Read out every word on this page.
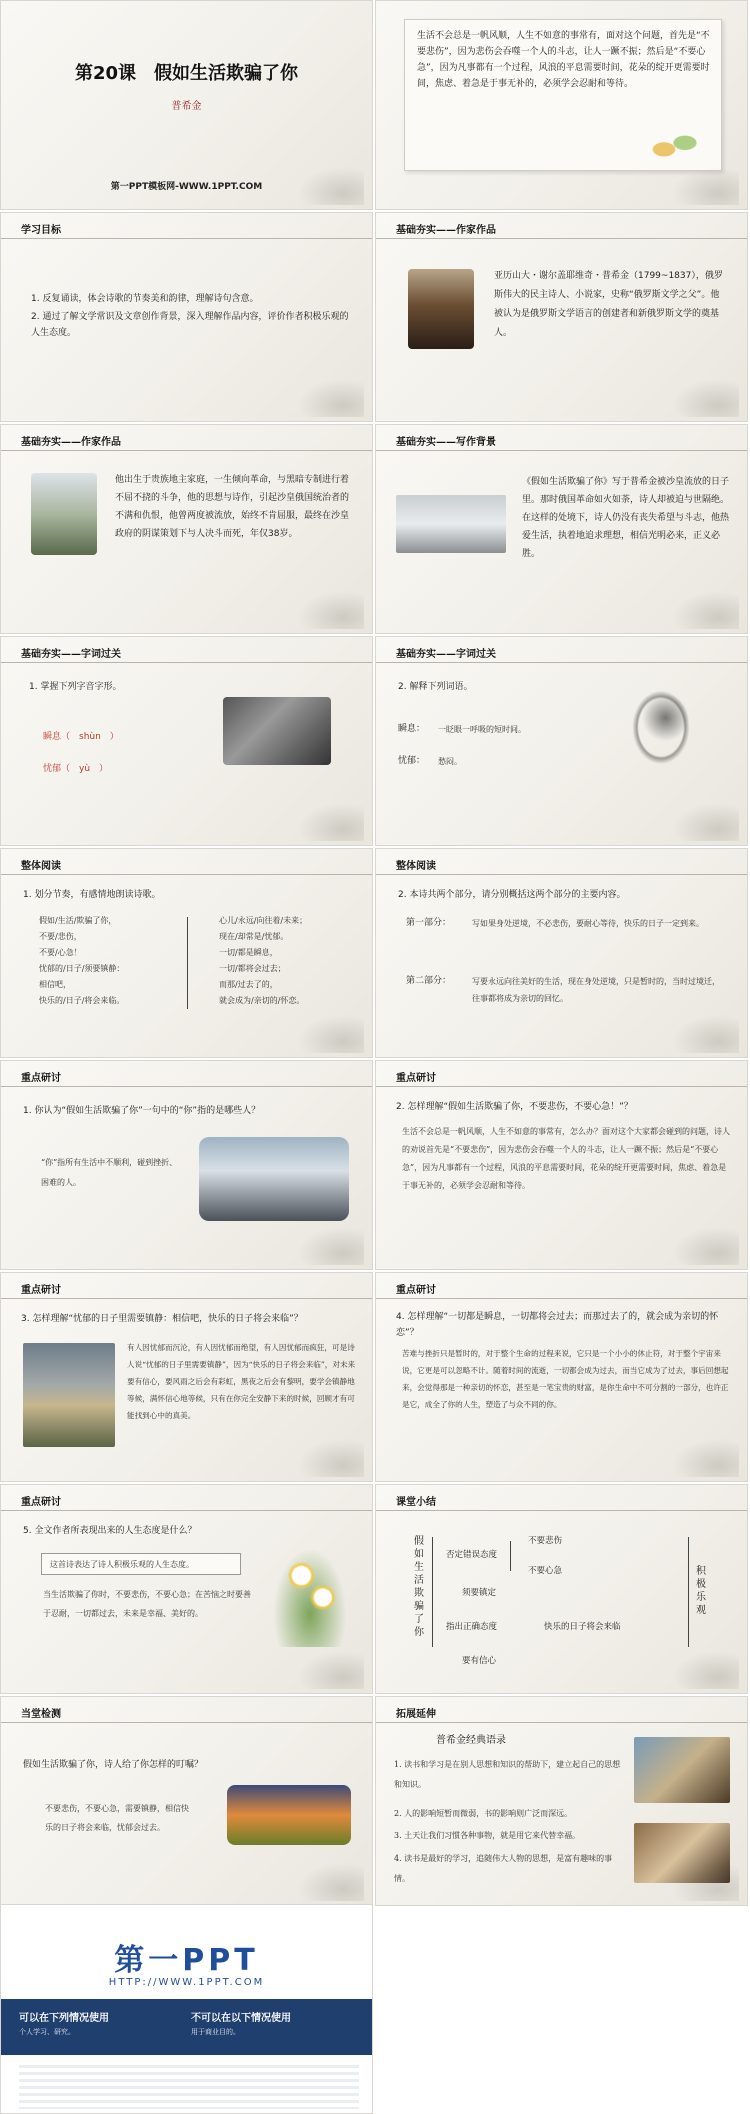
第20课　假如生活欺骗了你
普希金
第一PPT模板网-WWW.1PPT.COM
生活不会总是一帆风顺，人生不如意的事常有，面对这个问题，首先是“不要悲伤”，因为悲伤会吞噬一个人的斗志，让人一蹶不振；然后是“不要心急”，因为凡事都有一个过程，风浪的平息需要时间，花朵的绽开更需要时间，焦虑、着急是于事无补的，必须学会忍耐和等待。
学习目标
1. 反复诵读，体会诗歌的节奏美和韵律，理解诗句含意。
2. 通过了解文学常识及文章创作背景，深入理解作品内容，评价作者积极乐观的人生态度。
基础夯实——作家作品
亚历山大・谢尔盖耶维奇・普希金（1799~1837），俄罗斯伟大的民主诗人、小说家，史称“俄罗斯文学之父”。他被认为是俄罗斯文学语言的创建者和新俄罗斯文学的奠基人。
基础夯实——作家作品
他出生于贵族地主家庭，一生倾向革命，与黑暗专制进行着不屈不挠的斗争，他的思想与诗作，引起沙皇俄国统治者的不满和仇恨，他曾两度被流放，始终不肯屈服，最终在沙皇政府的阴谋策划下与人决斗而死，年仅38岁。
基础夯实——写作背景
《假如生活欺骗了你》写于普希金被沙皇流放的日子里。那时俄国革命如火如荼，诗人却被迫与世隔绝。在这样的处境下，诗人仍没有丧失希望与斗志，他热爱生活，执着地追求理想，相信光明必来，正义必胜。
基础夯实——字词过关
1. 掌握下列字音字形。
瞬息（　shùn　）
忧郁（　yù　）
基础夯实——字词过关
2. 解释下列词语。
瞬息： 一眨眼一呼吸的短时间。
忧郁： 愁闷。
整体阅读
1. 划分节奏，有感情地朗读诗歌。
假如/生活/欺骗了你，
不要/悲伤，
不要/心急！
忧郁的/日子/须要镇静：
相信吧，
快乐的/日子/将会来临。
心儿/永远/向往着/未来；
现在/却常是/忧郁。
一切/都是瞬息，
一切/都将会过去；
而那/过去了的，
就会成为/亲切的/怀恋。
整体阅读
2. 本诗共两个部分，请分别概括这两个部分的主要内容。
第一部分：	写如果身处逆境，不必悲伤，要耐心等待，快乐的日子一定到来。
第二部分：	写要永远向往美好的生活，现在身处逆境，只是暂时的，当时过境迁，往事都将成为亲切的回忆。
重点研讨
1. 你认为“假如生活欺骗了你”一句中的“你”指的是哪些人？
“你”指所有生活中不顺利，碰到挫折、困难的人。
重点研讨
2. 怎样理解“假如生活欺骗了你，不要悲伤，不要心急！”？
生活不会总是一帆风顺，人生不如意的事常有，怎么办？面对这个大家都会碰到的问题，诗人的劝说首先是“不要悲伤”，因为悲伤会吞噬一个人的斗志，让人一蹶不振；然后是“不要心急”，因为凡事都有一个过程，风浪的平息需要时间，花朵的绽开更需要时间，焦虑、着急是于事无补的，必须学会忍耐和等待。
重点研讨
3. 怎样理解“忧郁的日子里需要镇静：相信吧，快乐的日子将会来临”？
有人因忧郁而沉沦，有人因忧郁而绝望，有人因忧郁而疯狂，可是诗人说“忧郁的日子里需要镇静”，因为“快乐的日子将会来临”，对未来要有信心，要风雨之后会有彩虹，黑夜之后会有黎明，要学会镇静地等候，满怀信心地等候，只有在你完全安静下来的时候，回顾才有可能找到心中的真美。
重点研讨
4. 怎样理解“一切都是瞬息，一切都将会过去；而那过去了的，就会成为亲切的怀恋”？
苦难与挫折只是暂时的，对于整个生命的过程来说，它只是一个小小的休止符，对于整个宇宙来说，它更是可以忽略不计。随着时间的流逝，一切都会成为过去，而当它成为了过去，事后回想起来，会觉得那是一种亲切的怀恋，甚至是一笔宝贵的财富，是你生命中不可分割的一部分，也许正是它，成全了你的人生，塑造了与众不同的你。
重点研讨
5. 全文作者所表现出来的人生态度是什么？
这首诗表达了诗人积极乐观的人生态度。
当生活欺骗了你时，不要悲伤，不要心急；在苦恼之时要善于忍耐，一切都过去，未来是幸福、美好的。
课堂小结
假如生活欺骗了你
否定错误态度
不要悲伤
不要心急
须要镇定
指出正确态度	快乐的日子将会来临
要有信心
积极乐观
当堂检测
假如生活欺骗了你，诗人给了你怎样的叮嘱？
不要悲伤，不要心急，需要镇静，相信快乐的日子将会来临，忧郁会过去。
拓展延伸
普希金经典语录
1. 读书和学习是在别人思想和知识的帮助下，建立起自己的思想和知识。
2. 人的影响短暂而微弱，书的影响则广泛而深远。
3. 土天让我们习惯各种事物，就是用它来代替幸福。
4. 读书是最好的学习，追随伟大人物的思想，是富有趣味的事情。
第一PPT
HTTP://WWW.1PPT.COM
可以在下列情况使用
个人学习、研究。
不可以在以下情况使用
用于商业目的。
